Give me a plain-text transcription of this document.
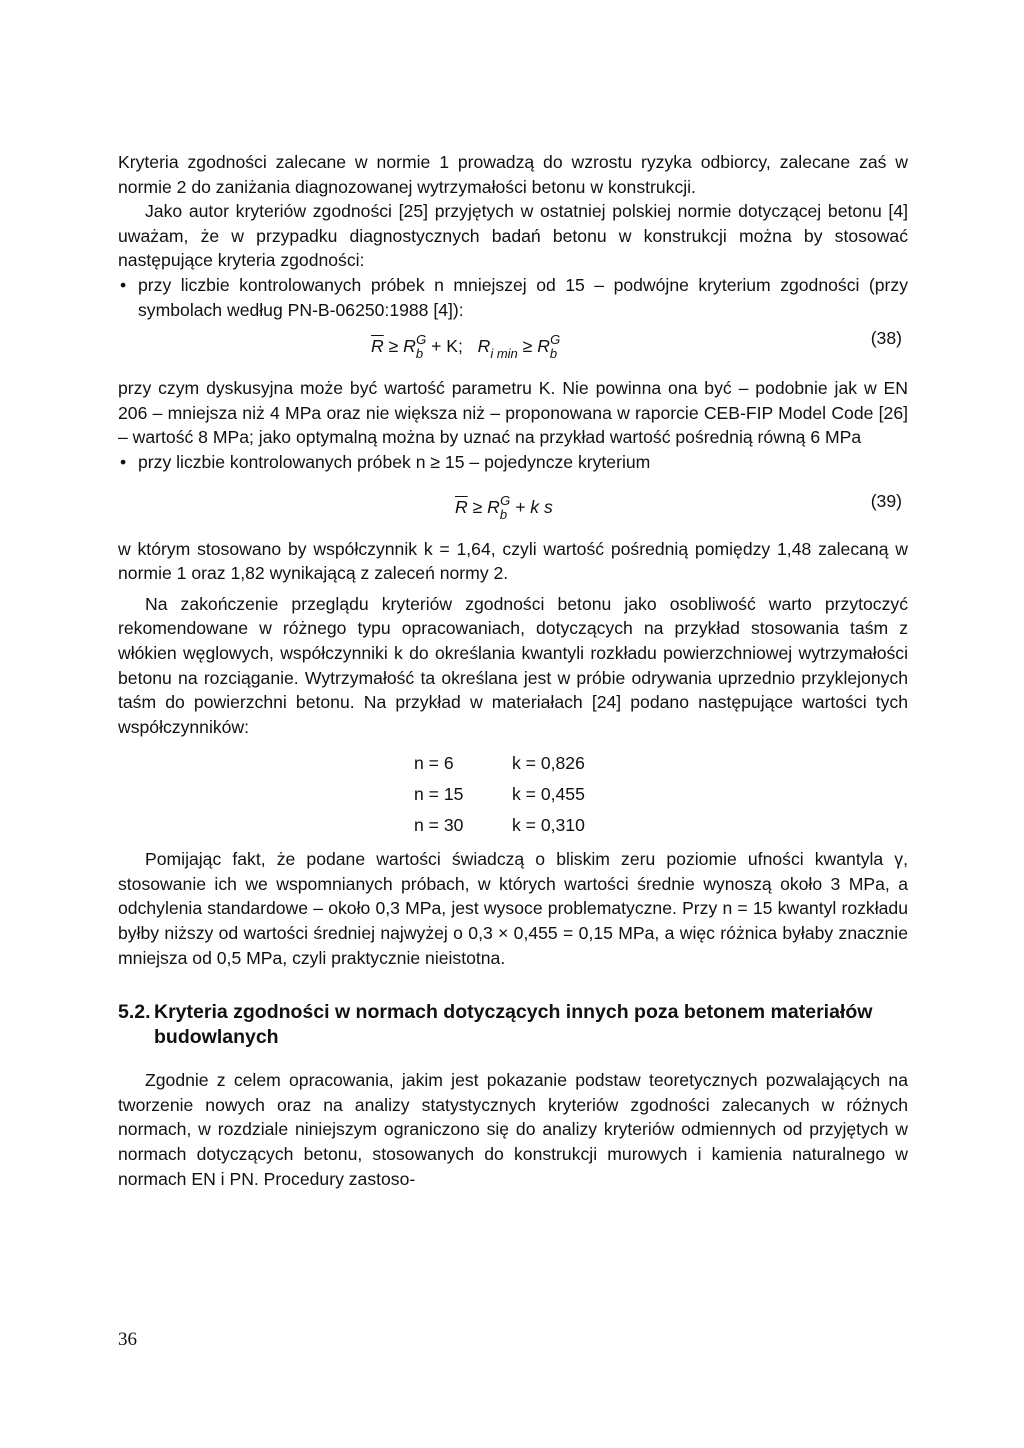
Kryteria zgodności zalecane w normie 1 prowadzą do wzrostu ryzyka odbiorcy, zalecane zaś w normie 2 do zaniżania diagnozowanej wytrzymałości betonu w konstrukcji.

Jako autor kryteriów zgodności [25] przyjętych w ostatniej polskiej normie dotyczącej betonu [4] uważam, że w przypadku diagnostycznych badań betonu w konstrukcji można by stosować następujące kryteria zgodności:

• przy liczbie kontrolowanych próbek n mniejszej od 15 – podwójne kryterium zgodności (przy symbolach według PN-B-06250:1988 [4]):
$\overline{R} \ge R_b^G + K$; $R_{i min} \ge R_b^G$	(38)

przy czym dyskusyjna może być wartość parametru K. Nie powinna ona być – podobnie jak w EN 206 – mniejsza niż 4 MPa oraz nie większa niż – proponowana w raporcie CEB-FIP Model Code [26] – wartość 8 MPa; jako optymalną można by uznać na przykład wartość pośrednią równą 6 MPa

• przy liczbie kontrolowanych próbek n ≥ 15 – pojedyncze kryterium
$\overline{R} \ge R_b^G + k$ s	(39)

w którym stosowano by współczynnik k = 1,64, czyli wartość pośrednią pomiędzy 1,48 zalecaną w normie 1 oraz 1,82 wynikającą z zaleceń normy 2.

Na zakończenie przeglądu kryteriów zgodności betonu jako osobliwość warto przytoczyć rekomendowane w różnego typu opracowaniach, dotyczących na przykład stosowania taśm z włókien węglowych, współczynniki k do określania kwantyli rozkładu powierzchniowej wytrzymałości betonu na rozciąganie. Wytrzymałość ta określana jest w próbie odrywania uprzednio przyklejonych taśm do powierzchni betonu. Na przykład w materiałach [24] podano następujące wartości tych współczynników:

n = 6	k = 0,826
n = 15	k = 0,455
n = 30	k = 0,310

Pomijając fakt, że podane wartości świadczą o bliskim zeru poziomie ufności kwantyla γ, stosowanie ich we wspomnianych próbach, w których wartości średnie wynoszą około 3 MPa, a odchylenia standardowe – około 0,3 MPa, jest wysoce problematyczne. Przy n = 15 kwantyl rozkładu byłby niższy od wartości średniej najwyżej o 0,3 × 0,455 = 0,15 MPa, a więc różnica byłaby znacznie mniejsza od 0,5 MPa, czyli praktycznie nieistotna.

5.2. Kryteria zgodności w normach dotyczących innych poza betonem materiałów budowlanych

Zgodnie z celem opracowania, jakim jest pokazanie podstaw teoretycznych pozwalających na tworzenie nowych oraz na analizy statystycznych kryteriów zgodności zalecanych w różnych normach, w rozdziale niniejszym ograniczono się do analizy kryteriów odmiennych od przyjętych w normach dotyczących betonu, stosowanych do konstrukcji murowych i kamienia naturalnego w normach EN i PN. Procedury zastoso-

36
